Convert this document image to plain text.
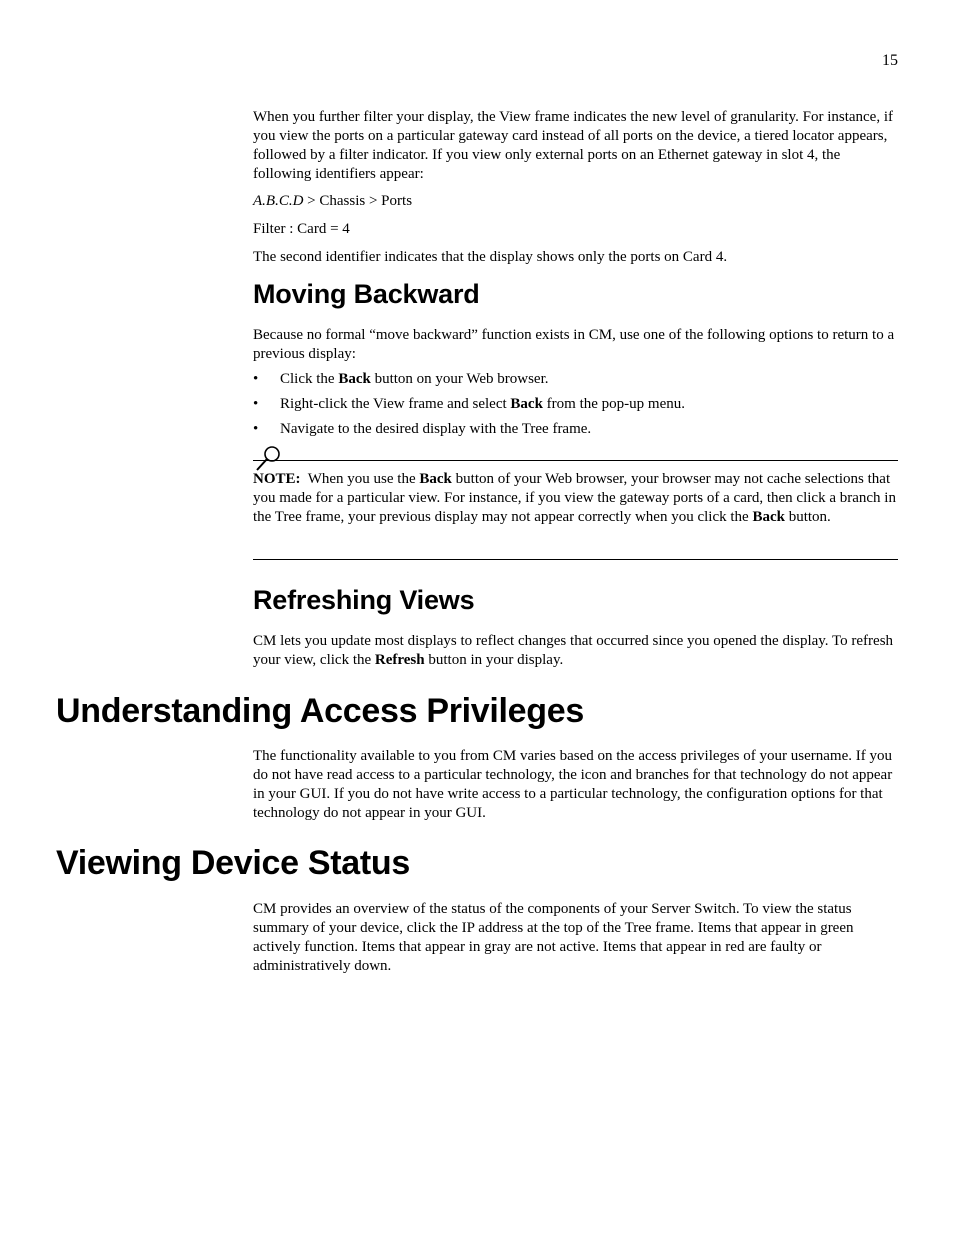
15

When you further filter your display, the View frame indicates the new level of granularity. For instance, if you view the ports on a particular gateway card instead of all ports on the device, a tiered locator appears, followed by a filter indicator. If you view only external ports on an Ethernet gateway in slot 4, the following identifiers appear:

A.B.C.D > Chassis > Ports

Filter : Card = 4

The second identifier indicates that the display shows only the ports on Card 4.

Moving Backward

Because no formal “move backward” function exists in CM, use one of the following options to return to a previous display:

• Click the Back button on your Web browser.
• Right-click the View frame and select Back from the pop-up menu.
• Navigate to the desired display with the Tree frame.

NOTE:  When you use the Back button of your Web browser, your browser may not cache selections that you made for a particular view. For instance, if you view the gateway ports of a card, then click a branch in the Tree frame, your previous display may not appear correctly when you click the Back button.

Refreshing Views

CM lets you update most displays to reflect changes that occurred since you opened the display. To refresh your view, click the Refresh button in your display.

Understanding Access Privileges

The functionality available to you from CM varies based on the access privileges of your username. If you do not have read access to a particular technology, the icon and branches for that technology do not appear in your GUI. If you do not have write access to a particular technology, the configuration options for that technology do not appear in your GUI.

Viewing Device Status

CM provides an overview of the status of the components of your Server Switch. To view the status summary of your device, click the IP address at the top of the Tree frame. Items that appear in green actively function. Items that appear in gray are not active. Items that appear in red are faulty or administratively down.
